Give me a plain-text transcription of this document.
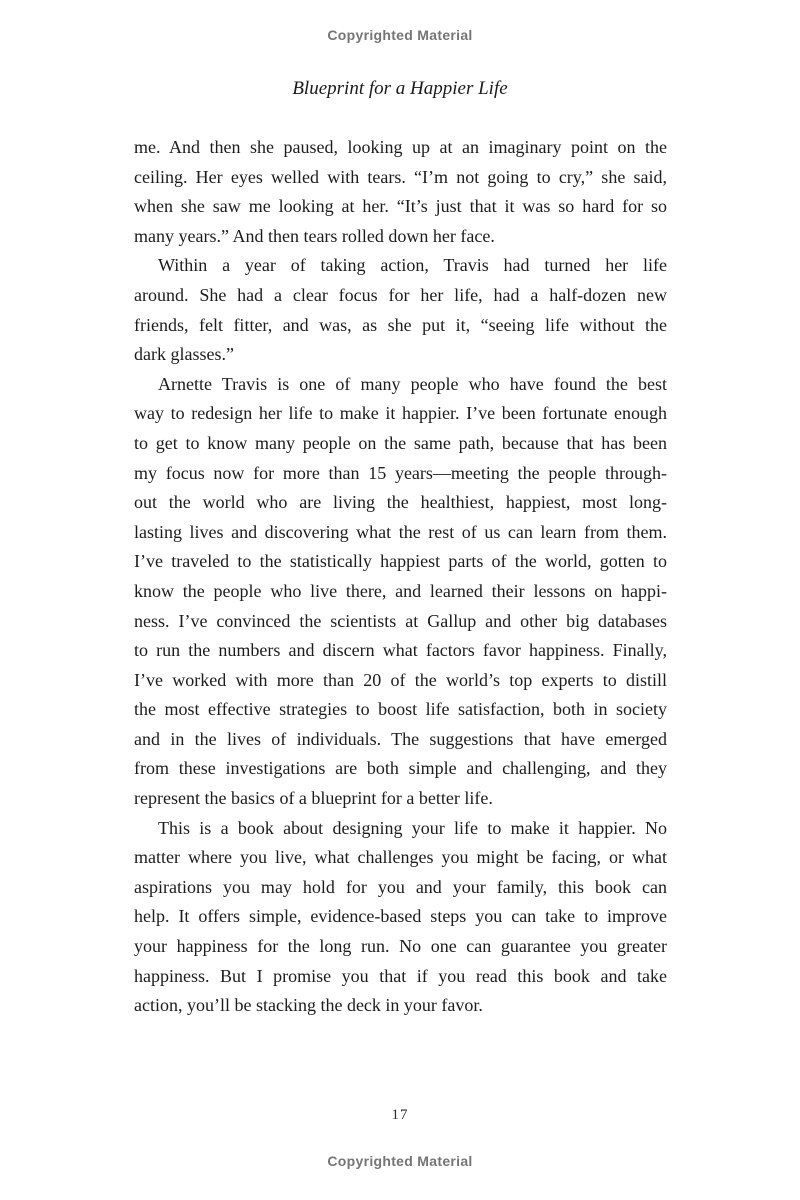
Copyrighted Material
Blueprint for a Happier Life
me. And then she paused, looking up at an imaginary point on the
ceiling. Her eyes welled with tears. “I’m not going to cry,” she said,
when she saw me looking at her. “It’s just that it was so hard for so
many years.” And then tears rolled down her face.
Within a year of taking action, Travis had turned her life
around. She had a clear focus for her life, had a half-dozen new
friends, felt fitter, and was, as she put it, “seeing life without the
dark glasses.”
Arnette Travis is one of many people who have found the best
way to redesign her life to make it happier. I’ve been fortunate enough
to get to know many people on the same path, because that has been
my focus now for more than 15 years—meeting the people through-
out the world who are living the healthiest, happiest, most long-
lasting lives and discovering what the rest of us can learn from them.
I’ve traveled to the statistically happiest parts of the world, gotten to
know the people who live there, and learned their lessons on happi-
ness. I’ve convinced the scientists at Gallup and other big databases
to run the numbers and discern what factors favor happiness. Finally,
I’ve worked with more than 20 of the world’s top experts to distill
the most effective strategies to boost life satisfaction, both in society
and in the lives of individuals. The suggestions that have emerged
from these investigations are both simple and challenging, and they
represent the basics of a blueprint for a better life.
This is a book about designing your life to make it happier. No
matter where you live, what challenges you might be facing, or what
aspirations you may hold for you and your family, this book can
help. It offers simple, evidence-based steps you can take to improve
your happiness for the long run. No one can guarantee you greater
happiness. But I promise you that if you read this book and take
action, you’ll be stacking the deck in your favor.
17
Copyrighted Material
